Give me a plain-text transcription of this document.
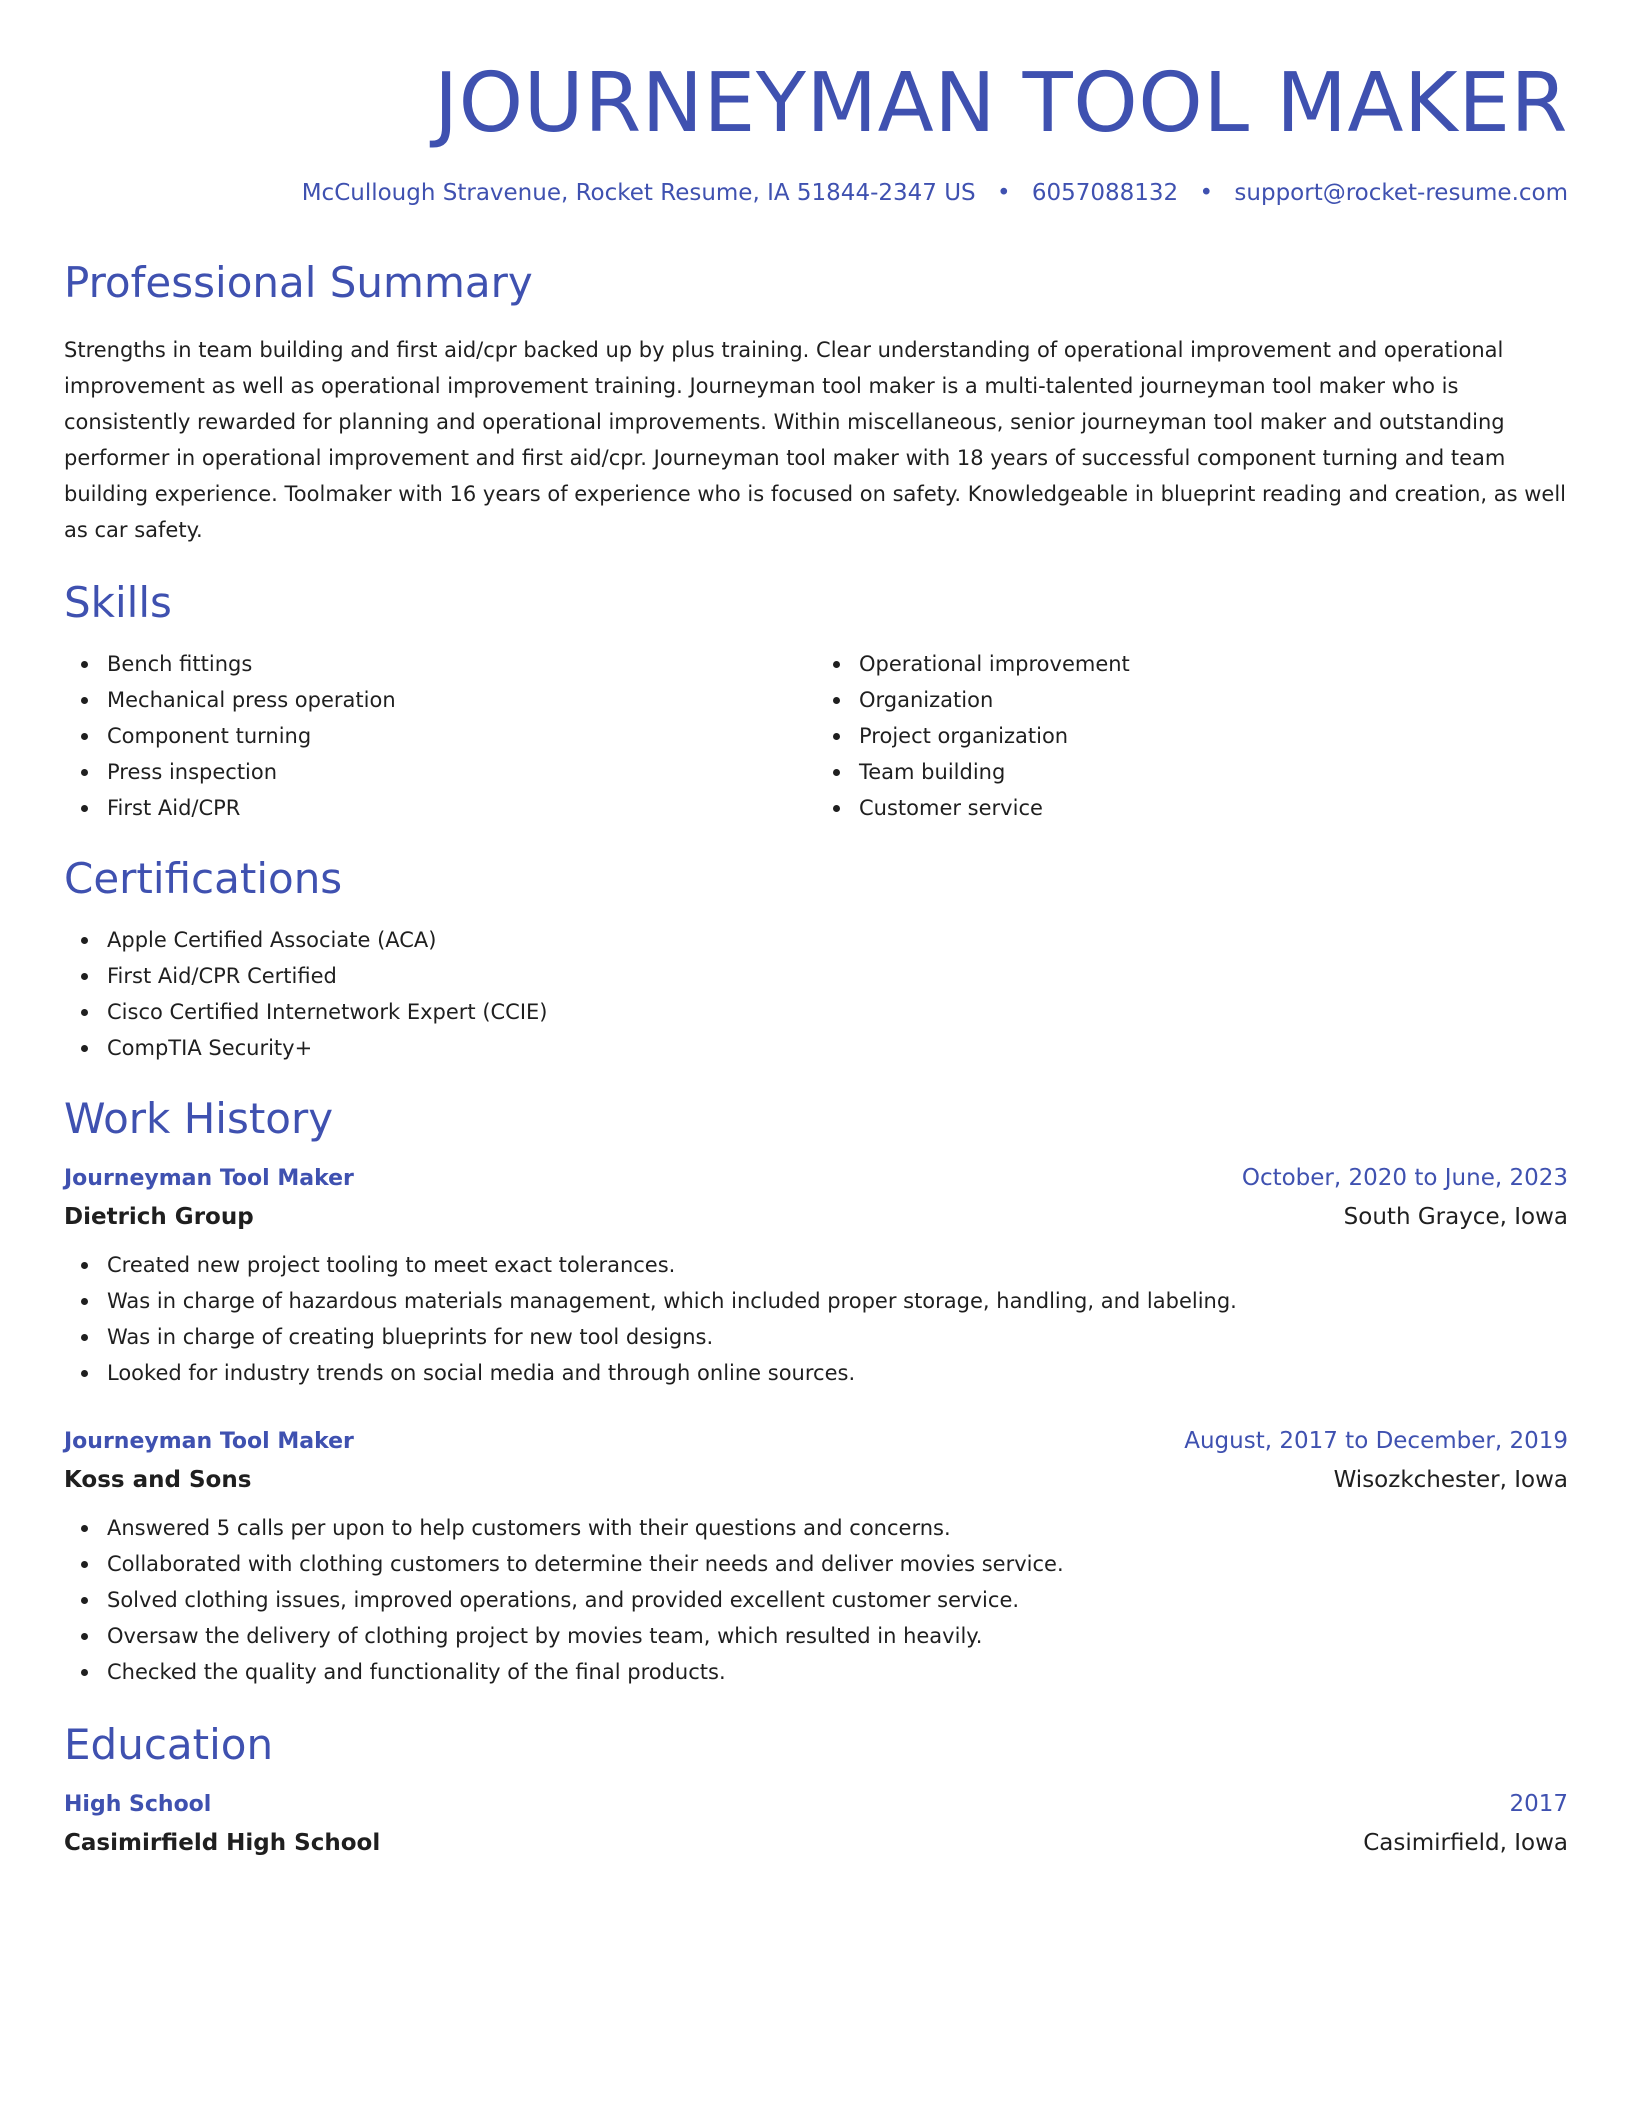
JOURNEYMAN TOOL MAKER
McCullough Stravenue, Rocket Resume, IA 51844-2347 US • 6057088132 • support@rocket-resume.com
Professional Summary

Strengths in team building and first aid/cpr backed up by plus training. Clear understanding of operational improvement and operational improvement as well as operational improvement training. Journeyman tool maker is a multi-talented journeyman tool maker who is consistently rewarded for planning and operational improvements. Within miscellaneous, senior journeyman tool maker and outstanding performer in operational improvement and first aid/cpr. Journeyman tool maker with 18 years of successful component turning and team building experience. Toolmaker with 16 years of experience who is focused on safety. Knowledgeable in blueprint reading and creation, as well as car safety.

Skills
Bench fittings
Mechanical press operation
Component turning
Press inspection
First Aid/CPR
Operational improvement
Organization
Project organization
Team building
Customer service
Certifications
Apple Certified Associate (ACA)
First Aid/CPR Certified
Cisco Certified Internetwork Expert (CCIE)
CompTIA Security+
Work History
Journeyman Tool Maker	October, 2020 to June, 2023
Dietrich Group	South Grayce, Iowa
Created new project tooling to meet exact tolerances.
Was in charge of hazardous materials management, which included proper storage, handling, and labeling.
Was in charge of creating blueprints for new tool designs.
Looked for industry trends on social media and through online sources.
Journeyman Tool Maker	August, 2017 to December, 2019
Koss and Sons	Wisozkchester, Iowa
Answered 5 calls per upon to help customers with their questions and concerns.
Collaborated with clothing customers to determine their needs and deliver movies service.
Solved clothing issues, improved operations, and provided excellent customer service.
Oversaw the delivery of clothing project by movies team, which resulted in heavily.
Checked the quality and functionality of the final products.
Education
High School	2017
Casimirfield High School	Casimirfield, Iowa
